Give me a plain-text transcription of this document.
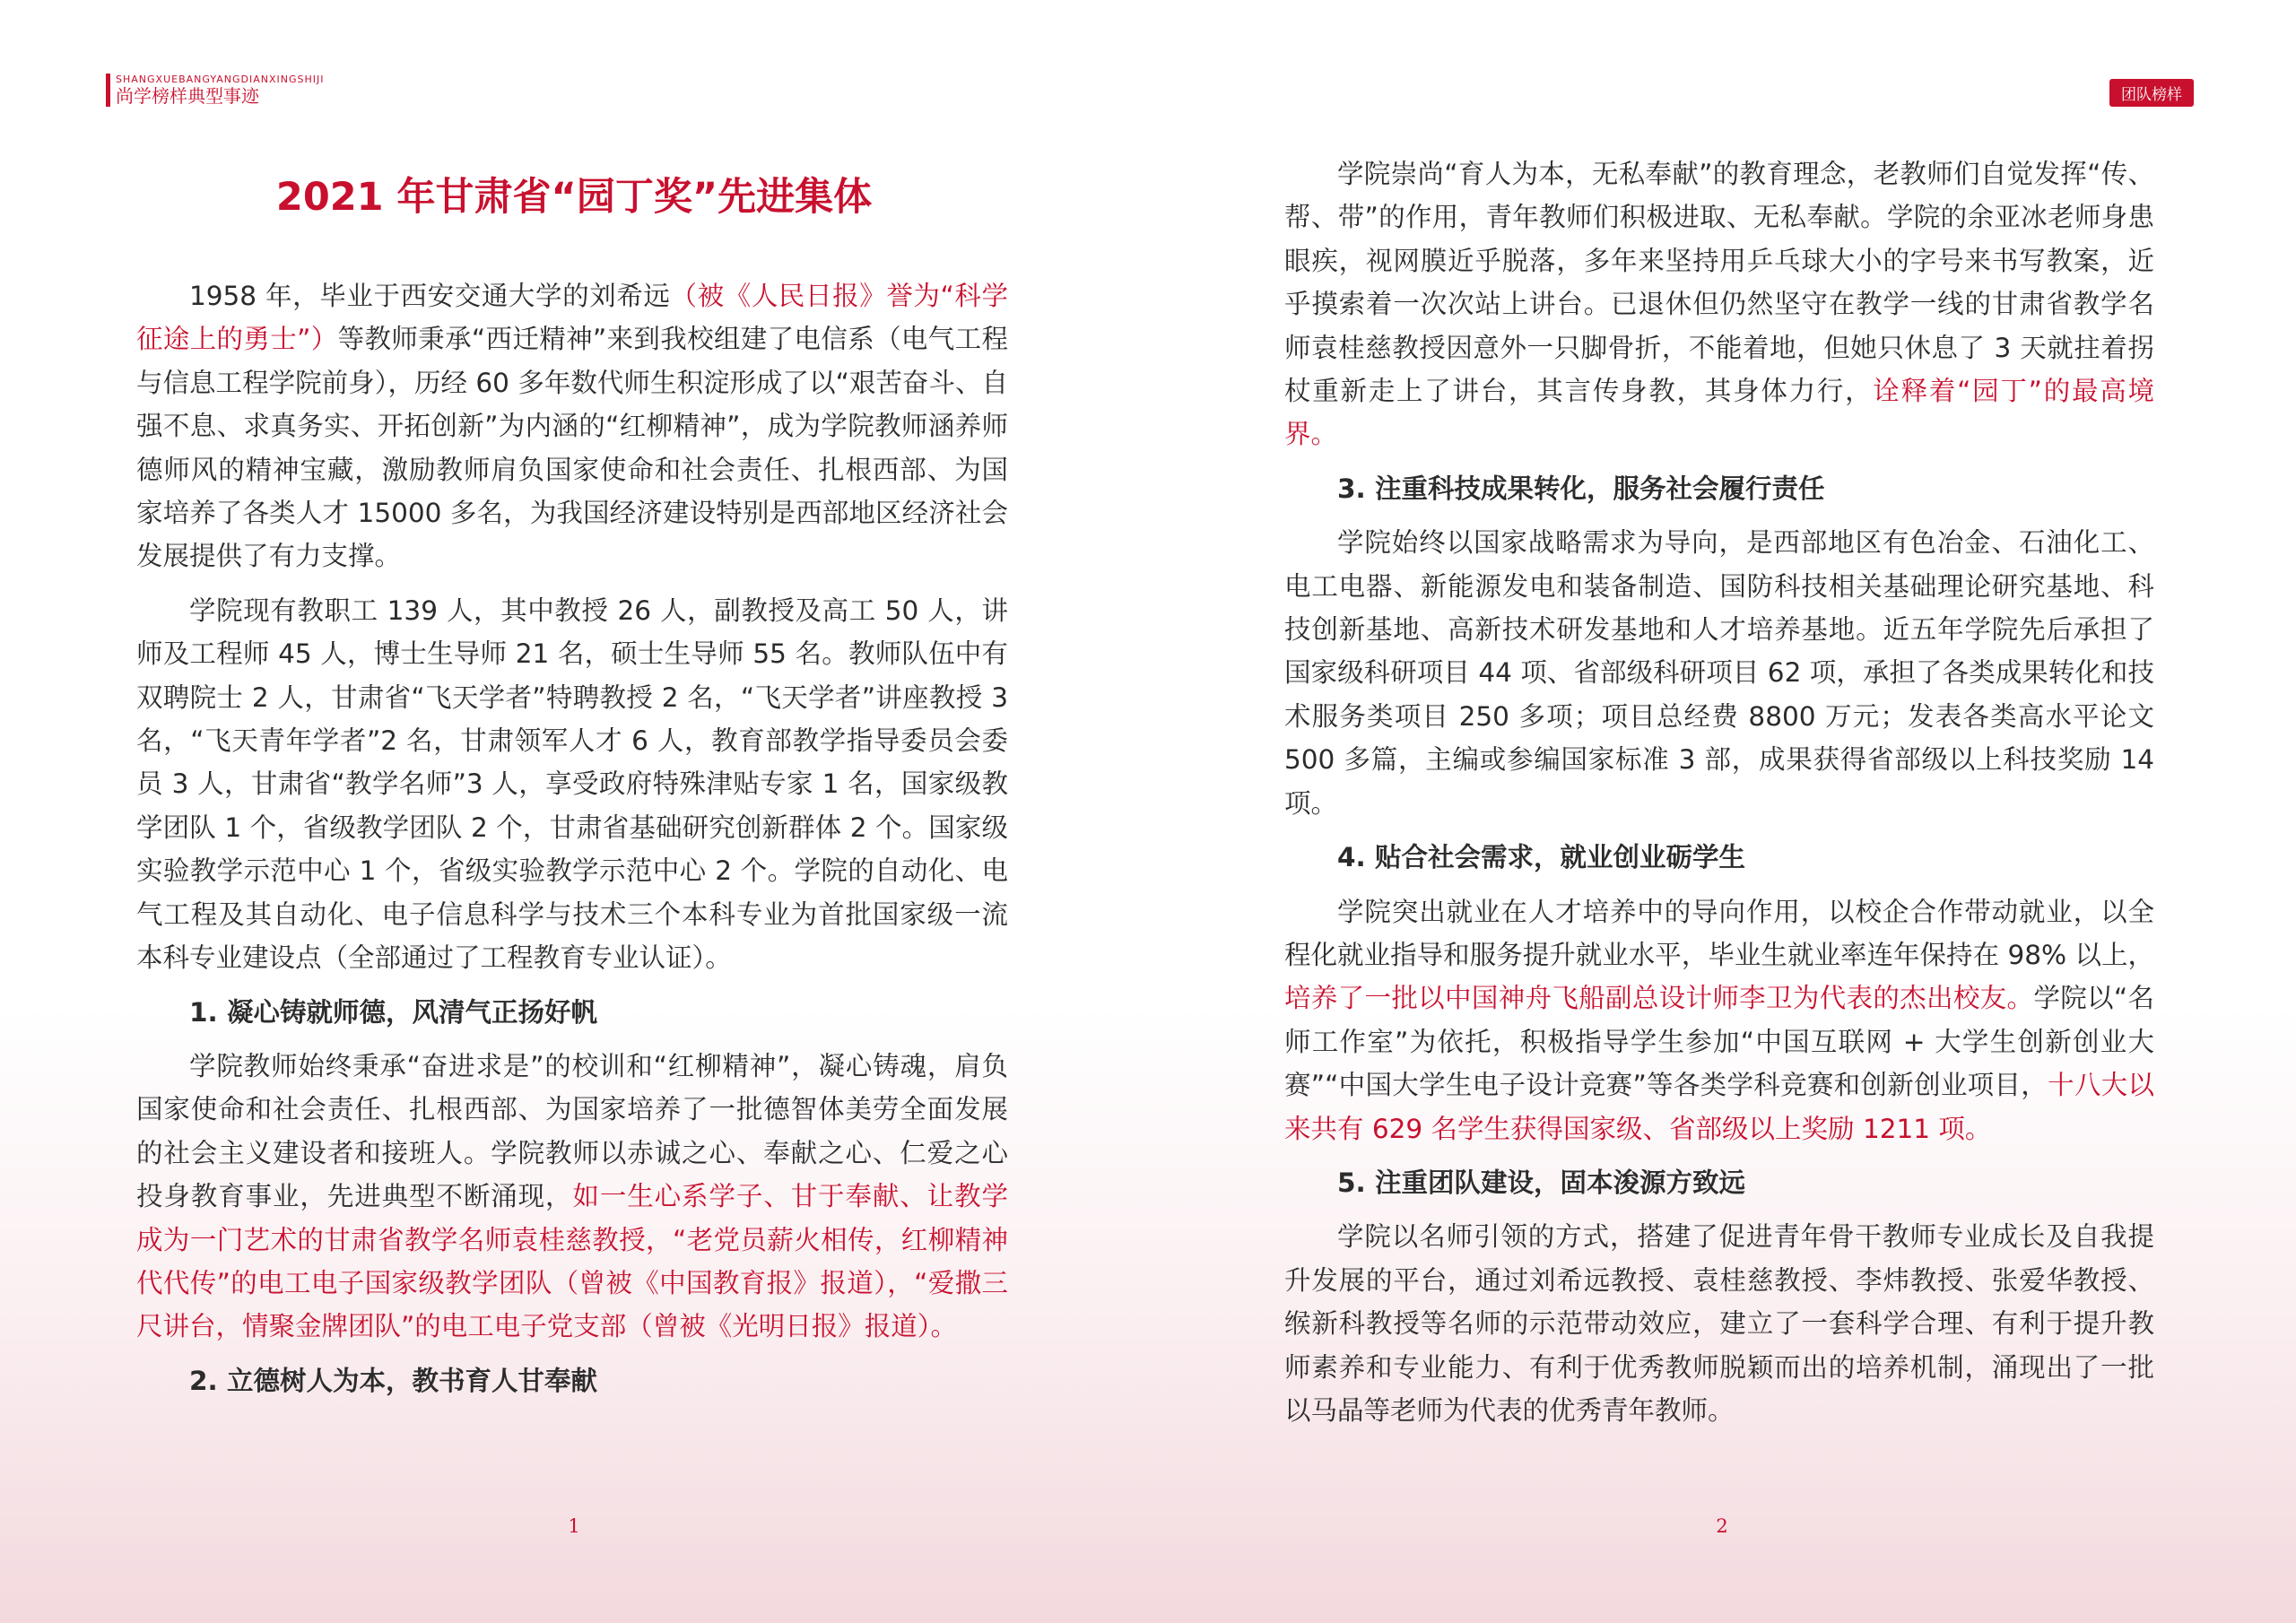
SHANGXUEBANGYANGDIANXINGSHIJI
尚学榜样典型事迹
2021 年甘肃省“园丁奖”先进集体

1958 年，毕业于西安交通大学的刘希远（被《人民日报》誉为“科学征途上的勇士”）等教师秉承“西迁精神”来到我校组建了电信系（电气工程与信息工程学院前身），历经 60 多年数代师生积淀形成了以“艰苦奋斗、自强不息、求真务实、开拓创新”为内涵的“红柳精神”，成为学院教师涵养师德师风的精神宝藏，激励教师肩负国家使命和社会责任、扎根西部、为国家培养了各类人才 15000 多名，为我国经济建设特别是西部地区经济社会发展提供了有力支撑。

学院现有教职工 139 人，其中教授 26 人，副教授及高工 50 人，讲师及工程师 45 人，博士生导师 21 名，硕士生导师 55 名。教师队伍中有双聘院士 2 人，甘肃省“飞天学者”特聘教授 2 名，“飞天学者”讲座教授 3 名，“飞天青年学者”2 名，甘肃领军人才 6 人，教育部教学指导委员会委员 3 人，甘肃省“教学名师”3 人，享受政府特殊津贴专家 1 名，国家级教学团队 1 个，省级教学团队 2 个，甘肃省基础研究创新群体 2 个。国家级实验教学示范中心 1 个，省级实验教学示范中心 2 个。学院的自动化、电气工程及其自动化、电子信息科学与技术三个本科专业为首批国家级一流本科专业建设点（全部通过了工程教育专业认证）。

1. 凝心铸就师德，风清气正扬好帆

学院教师始终秉承“奋进求是”的校训和“红柳精神”，凝心铸魂，肩负国家使命和社会责任、扎根西部、为国家培养了一批德智体美劳全面发展的社会主义建设者和接班人。学院教师以赤诚之心、奉献之心、仁爱之心投身教育事业，先进典型不断涌现，如一生心系学子、甘于奉献、让教学成为一门艺术的甘肃省教学名师袁桂慈教授，“老党员薪火相传，红柳精神代代传”的电工电子国家级教学团队（曾被《中国教育报》报道），“爱撒三尺讲台，情聚金牌团队”的电工电子党支部（曾被《光明日报》报道）。

2. 立德树人为本，教书育人甘奉献
1
团队榜样

学院崇尚“育人为本，无私奉献”的教育理念，老教师们自觉发挥“传、帮、带”的作用，青年教师们积极进取、无私奉献。学院的余亚冰老师身患眼疾，视网膜近乎脱落，多年来坚持用乒乓球大小的字号来书写教案，近乎摸索着一次次站上讲台。已退休但仍然坚守在教学一线的甘肃省教学名师袁桂慈教授因意外一只脚骨折，不能着地，但她只休息了 3 天就拄着拐杖重新走上了讲台，其言传身教，其身体力行，诠释着“园丁”的最高境界。

3. 注重科技成果转化，服务社会履行责任

学院始终以国家战略需求为导向，是西部地区有色冶金、石油化工、电工电器、新能源发电和装备制造、国防科技相关基础理论研究基地、科技创新基地、高新技术研发基地和人才培养基地。近五年学院先后承担了国家级科研项目 44 项、省部级科研项目 62 项，承担了各类成果转化和技术服务类项目 250 多项；项目总经费 8800 万元；发表各类高水平论文 500 多篇，主编或参编国家标准 3 部，成果获得省部级以上科技奖励 14 项。

4. 贴合社会需求，就业创业砺学生

学院突出就业在人才培养中的导向作用，以校企合作带动就业，以全程化就业指导和服务提升就业水平，毕业生就业率连年保持在 98% 以上，培养了一批以中国神舟飞船副总设计师李卫为代表的杰出校友。学院以“名师工作室”为依托，积极指导学生参加“中国互联网 + 大学生创新创业大赛”“中国大学生电子设计竞赛”等各类学科竞赛和创新创业项目，十八大以来共有 629 名学生获得国家级、省部级以上奖励 1211 项。

5. 注重团队建设，固本浚源方致远

学院以名师引领的方式，搭建了促进青年骨干教师专业成长及自我提升发展的平台，通过刘希远教授、袁桂慈教授、李炜教授、张爱华教授、缑新科教授等名师的示范带动效应，建立了一套科学合理、有利于提升教师素养和专业能力、有利于优秀教师脱颖而出的培养机制，涌现出了一批以马晶等老师为代表的优秀青年教师。

2
